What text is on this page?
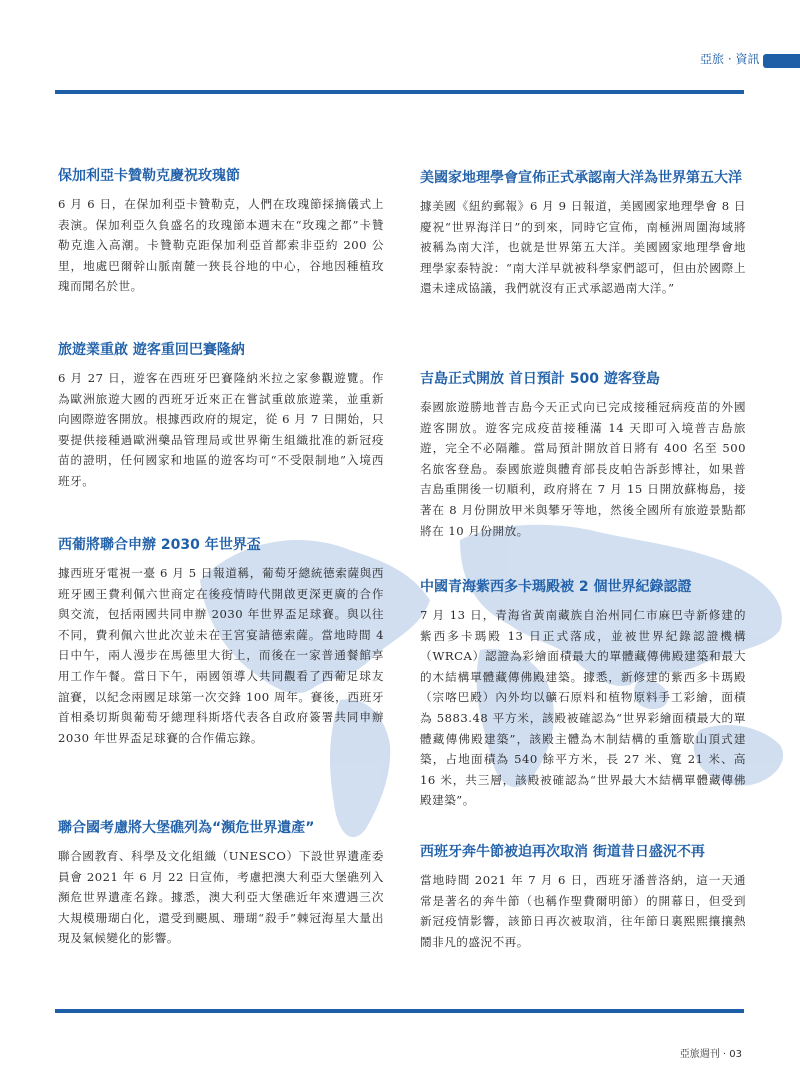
亞旅 · 資訊
保加利亞卡贊勒克慶祝玫瑰節

6 月 6 日，在保加利亞卡贊勒克，人們在玫瑰節採摘儀式上表演。保加利亞久負盛名的玫瑰節本週末在“玫瑰之都”卡贊勒克進入高潮。卡贊勒克距保加利亞首都索非亞約 200 公里，地處巴爾幹山脈南麓一狹長谷地的中心，谷地因種植玫瑰而聞名於世。

旅遊業重啟 遊客重回巴賽隆納

6 月 27 日，遊客在西班牙巴賽隆納米拉之家參觀遊覽。作為歐洲旅遊大國的西班牙近來正在嘗試重啟旅遊業，並重新向國際遊客開放。根據西政府的規定，從 6 月 7 日開始，只要提供接種過歐洲藥品管理局或世界衛生組織批准的新冠疫苗的證明，任何國家和地區的遊客均可“不受限制地”入境西班牙。

西葡將聯合申辦 2030 年世界盃

據西班牙電視一臺 6 月 5 日報道稱，葡萄牙總統德索薩與西班牙國王費利佩六世商定在後疫情時代開啟更深更廣的合作與交流，包括兩國共同申辦 2030 年世界盃足球賽。與以往不同，費利佩六世此次並未在王宮宴請德索薩。當地時間 4 日中午，兩人漫步在馬德里大街上，而後在一家普通餐館享用工作午餐。當日下午，兩國領導人共同觀看了西葡足球友誼賽，以紀念兩國足球第一次交鋒 100 周年。賽後，西班牙首相桑切斯與葡萄牙總理科斯塔代表各自政府簽署共同申辦 2030 年世界盃足球賽的合作備忘錄。

聯合國考慮將大堡礁列為“瀕危世界遺產”

聯合國教育、科學及文化組織（UNESCO）下設世界遺產委員會 2021 年 6 月 22 日宣佈，考慮把澳大利亞大堡礁列入瀕危世界遺產名錄。據悉，澳大利亞大堡礁近年來遭遇三次大規模珊瑚白化，還受到颶風、珊瑚“殺手”棘冠海星大量出現及氣候變化的影響。

美國家地理學會宣佈正式承認南大洋為世界第五大洋

據美國《紐約郵報》6 月 9 日報道，美國國家地理學會 8 日慶祝“世界海洋日”的到來，同時它宣佈，南極洲周圍海域將被稱為南大洋，也就是世界第五大洋。美國國家地理學會地理學家泰特說：“南大洋早就被科學家們認可，但由於國際上還未達成協議，我們就沒有正式承認過南大洋。”

吉島正式開放 首日預計 500 遊客登島

泰國旅遊勝地普吉島今天正式向已完成接種冠病疫苗的外國遊客開放。遊客完成疫苗接種滿 14 天即可入境普吉島旅遊，完全不必隔離。當局預計開放首日將有 400 名至 500 名旅客登島。泰國旅遊與體育部長皮帕告訴彭博社，如果普吉島重開後一切順利，政府將在 7 月 15 日開放蘇梅島，接著在 8 月份開放甲米與攀牙等地，然後全國所有旅遊景點都將在 10 月份開放。

中國青海紫西多卡瑪殿被 2 個世界紀錄認證

7 月 13 日，青海省黃南藏族自治州同仁市麻巴寺新修建的紫西多卡瑪殿 13 日正式落成，並被世界紀錄認證機構（WRCA）認證為彩繪面積最大的單體藏傳佛殿建築和最大的木結構單體藏傳佛殿建築。據悉，新修建的紫西多卡瑪殿（宗喀巴殿）內外均以礦石原料和植物原料手工彩繪，面積為 5883.48 平方米，該殿被確認為“世界彩繪面積最大的單體藏傳佛殿建築”，該殿主體為木制結構的重簷歇山頂式建築，占地面積為 540 餘平方米，長 27 米、寬 21 米、高 16 米，共三層，該殿被確認為“世界最大木結構單體藏傳佛殿建築”。

西班牙奔牛節被迫再次取消 街道昔日盛況不再

當地時間 2021 年 7 月 6 日，西班牙潘普洛納，這一天通常是著名的奔牛節（也稱作聖費爾明節）的開幕日，但受到新冠疫情影響，該節日再次被取消，往年節日裏熙熙攘攘熱鬧非凡的盛況不再。

亞旅週刊 · 03
